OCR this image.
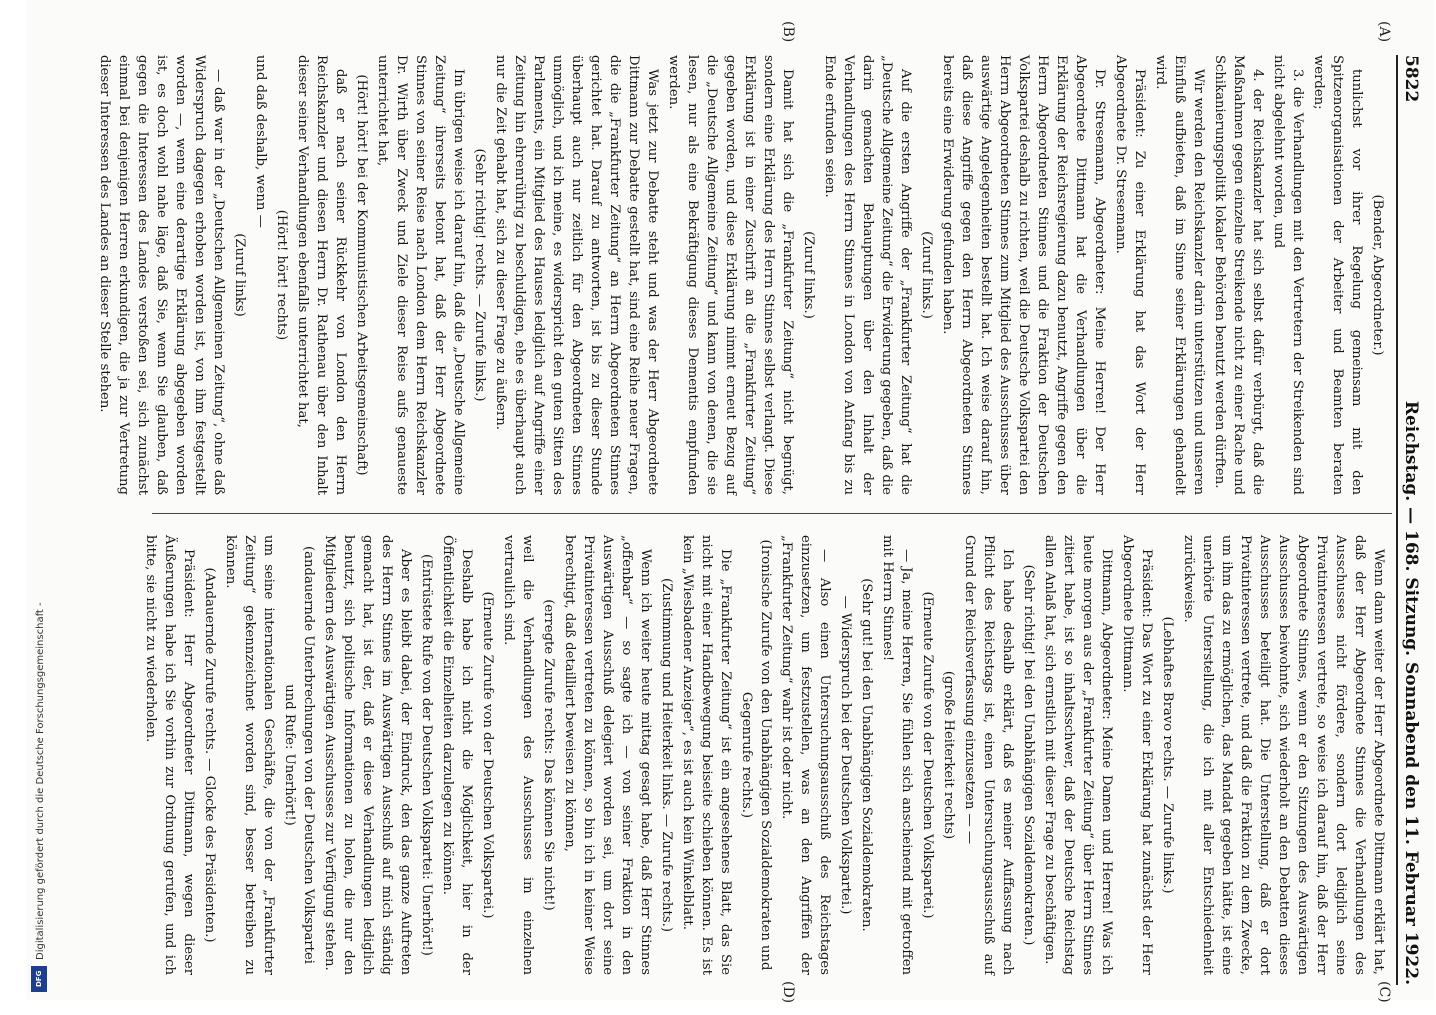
Digitalisierung gefördert durch die Deutsche Forschungsgemeinschaft -
DFG
5822
Reichstag. — 168. Sitzung. Sonnabend den 11. Februar 1922.

(Bender, Abgeordneter.)

tunlichst vor ihrer Regelung gemeinsam mit den Spitzenorganisationen der Arbeiter und Beamten beraten werden;

3. die Verhandlungen mit den Vertretern der Streikenden sind nicht abgelehnt worden, und

4. der Reichskanzler hat sich selbst dafür verbürgt, daß die Maßnahmen gegen einzelne Streikende nicht zu einer Rache und Schikanierungspolitik lokaler Behörden benutzt werden dürften.

Wir werden den Reichskanzler darin unterstützen und unseren Einfluß aufbieten, daß im Sinne seiner Erklärungen gehandelt wird.

Präsident: Zu einer Erklärung hat das Wort der Herr Abgeordnete Dr. Stresemann.

Dr. Stresemann, Abgeordneter: Meine Herren! Der Herr Abgeordnete Dittmann hat die Verhandlungen über die Erklärung der Reichsregierung dazu benutzt, Angriffe gegen den Herrn Abgeordneten Stinnes und die Fraktion der Deutschen Volkspartei deshalb zu richten, weil die Deutsche Volkspartei den Herrn Abgeordneten Stinnes zum Mitglied des Ausschusses über auswärtige Angelegenheiten bestellt hat. Ich weise darauf hin, daß diese Angriffe gegen den Herrn Abgeordneten Stinnes bereits eine Erwiderung gefunden haben.

(Zuruf links.)

Auf die ersten Angriffe der „Frankfurter Zeitung“ hat die „Deutsche Allgemeine Zeitung“ die Erwiderung gegeben, daß die darin gemachten Behauptungen über den Inhalt der Verhandlungen des Herrn Stinnes in London von Anfang bis zu Ende erfunden seien.

(Zuruf links.)

Damit hat sich die „Frankfurter Zeitung“ nicht begnügt, sondern eine Erklärung des Herrn Stinnes selbst verlangt. Diese Erklärung ist in einer Zuschrift an die „Frankfurter Zeitung“ gegeben worden, und diese Erklärung nimmt erneut Bezug auf die „Deutsche Allgemeine Zeitung“ und kann von denen, die sie lesen, nur als eine Bekräftigung dieses Dementis empfunden werden.

Was jetzt zur Debatte steht und was der Herr Abgeordnete Dittmann zur Debatte gestellt hat, sind eine Reihe neuer Fragen, die die „Frankfurter Zeitung“ an Herrn Abgeordneten Stinnes gerichtet hat. Darauf zu antworten, ist bis zu dieser Stunde überhaupt auch nur zeitlich für den Abgeordneten Stinnes unmöglich, und ich meine, es widerspricht den guten Sitten des Parlaments, ein Mitglied des Hauses lediglich auf Angriffe einer Zeitung hin ehrenrührig zu beschuldigen, ehe es überhaupt auch nur die Zeit gehabt hat, sich zu dieser Frage zu äußern.

(Sehr richtig! rechts. — Zurufe links.)

Im übrigen weise ich darauf hin, daß die „Deutsche Allgemeine Zeitung“ ihrerseits betont hat, daß der Herr Abgeordnete Stinnes von seiner Reise nach London dem Herrn Reichskanzler Dr. Wirth über Zweck und Ziele dieser Reise aufs genaueste unterrichtet hat,

(Hört! hört! bei der Kommunistischen Arbeitsgemeinschaft)

daß er nach seiner Rückkehr von London den Herrn Reichskanzler und diesen Herrn Dr. Rathenau über den Inhalt dieser seiner Verhandlungen ebenfalls unterrichtet hat,

(Hört! hört! rechts)

und daß deshalb, wenn —

(Zuruf links)

— daß war in der „Deutschen Allgemeinen Zeitung“, ohne daß Widerspruch dagegen erhoben worden ist, von ihm festgestellt worden —, wenn eine derartige Erklärung abgegeben worden ist, es doch wohl nahe läge, daß Sie, wenn Sie glauben, daß gegen die Interessen des Landes verstoßen sei, sich zunächst einmal bei denjenigen Herren erkundigen, die ja zur Vertretung dieser Interessen des Landes an dieser Stelle stehen.

Wenn dann weiter der Herr Abgeordnete Dittmann erklärt hat, daß der Herr Abgeordnete Stinnes die Verhandlungen des Ausschusses nicht fördere, sondern dort lediglich seine Privatinteressen vertrete, so weise ich darauf hin, daß der Herr Abgeordnete Stinnes, wenn er den Sitzungen des Auswärtigen Ausschusses beiwohnte, sich wiederholt an den Debatten dieses Ausschusses beteiligt hat. Die Unterstellung, daß er dort Privatinteressen vertrete, und daß die Fraktion zu dem Zwecke, um ihm das zu ermöglichen, das Mandat gegeben hätte, ist eine unerhörte Unterstellung, die ich mit aller Entschiedenheit zurückweise.

(Lebhaftes Bravo rechts. — Zurufe links.)

Präsident: Das Wort zu einer Erklärung hat zunächst der Herr Abgeordnete Dittmann.

Dittmann, Abgeordneter: Meine Damen und Herren! Was ich heute morgen aus der „Frankfurter Zeitung“ über Herrn Stinnes zitiert habe, ist so inhaltsschwer, daß der Deutsche Reichstag allen Anlaß hat, sich ernstlich mit dieser Frage zu beschäftigen.

(Sehr richtig! bei den Unabhängigen Sozialdemokraten.)

Ich habe deshalb erklärt, daß es meiner Auffassung nach Pflicht des Reichstags ist, einen Untersuchungsausschuß auf Grund der Reichsverfassung einzusetzen — —

(große Heiterkeit rechts)

(Erneute Zurufe von der Deutschen Volkspartei.)

— Ja, meine Herren, Sie fühlen sich anscheinend mit getroffen mit Herrn Stinnes!

(Sehr gut! bei den Unabhängigen Sozialdemokraten.

— Widerspruch bei der Deutschen Volkspartei.)

— Also einen Untersuchungsausschuß des Reichstages einzusetzen, um festzustellen, was an den Angriffen der „Frankfurter Zeitung“ wahr ist oder nicht.

(Ironische Zurufe von den Unabhängigen Sozialdemokraten und Gegenrufe rechts.)

Die „Frankfurter Zeitung“ ist ein angesehenes Blatt, das Sie nicht mit einer Handbewegung beiseite schieben können. Es ist kein „Wiesbadener Anzeiger“, es ist auch kein Winkelblatt.

(Zustimmung und Heiterkeit links. — Zurufe rechts.)

Wenn ich weiter heute mittag gesagt habe, daß Herr Stinnes „offenbar“ — so sagte ich — von seiner Fraktion in den Auswärtigen Ausschuß delegiert worden sei, um dort seine Privatinteressen vertreten zu können, so bin ich in keiner Weise berechtigt, daß detailliert beweisen zu können,

(erregte Zurufe rechts: Das können Sie nicht!)

weil die Verhandlungen des Ausschusses im einzelnen vertraulich sind.

(Erneute Zurufe von der Deutschen Volkspartei.)

Deshalb habe ich nicht die Möglichkeit, hier in der Öffentlichkeit die Einzelheiten darzulegen zu können.

(Entrüstete Rufe von der Deutschen Volkspartei: Unerhört!)

Aber es bleibt dabei, der Eindruck, den das ganze Auftreten des Herrn Stinnes im Auswärtigen Ausschuß auf mich ständig gemacht hat, ist der, daß er diese Verhandlungen lediglich benutzt, sich politische Informationen zu holen, die nur den Mitgliedern des Auswärtigen Ausschusses zur Verfügung stehen.

(andauernde Unterbrechungen von der Deutschen Volkspartei und Rufe: Unerhört!)

um seine internationalen Geschäfte, die von der „Frankfurter Zeitung“ gekennzeichnet worden sind, besser betreiben zu können.

(Andauernde Zurufe rechts. — Glocke des Präsidenten.)

Präsident: Herr Abgeordneter Dittmann, wegen dieser Äußerungen habe ich Sie vorhin zur Ordnung gerufen, und ich bitte, sie nicht zu wiederholen.

(A)
(B)
(C)
(D)
